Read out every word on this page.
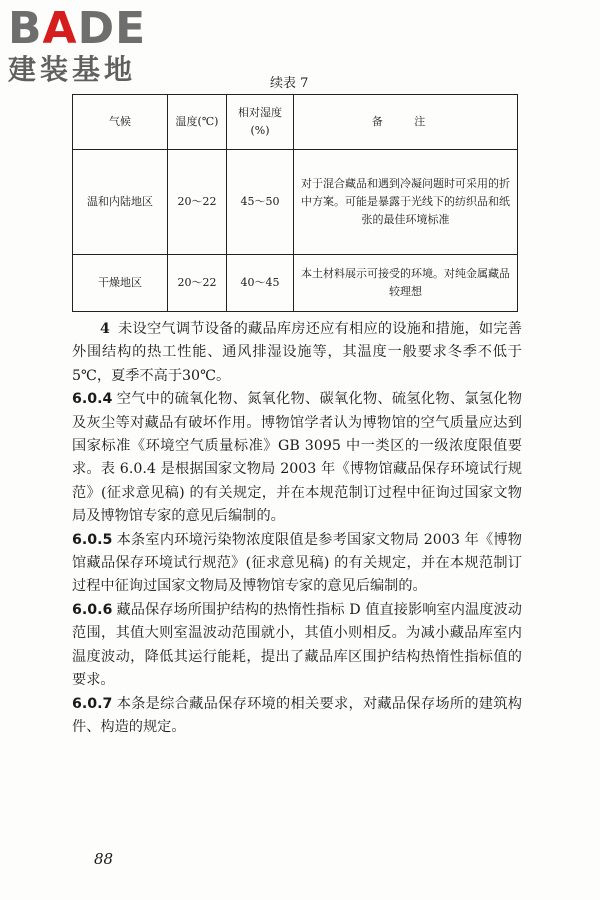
BADE
建装基地	续表 7
气候	温度(℃)	相对湿度(%)	备 注
温和内陆地区	20～22	45～50	对于混合藏品和遇到冷凝问题时可采用的折中方案。可能是暴露于光线下的纺织品和纸张的最佳环境标准
干燥地区	20～22	40～45	本土材料展示可接受的环境。对纯金属藏品较理想

4 未设空气调节设备的藏品库房还应有相应的设施和措施，如完善外围结构的热工性能、通风排湿设施等，其温度一般要求冬季不低于5℃，夏季不高于30℃。

6.0.4 空气中的硫氧化物、氮氧化物、碳氧化物、硫氢化物、氯氢化物及灰尘等对藏品有破坏作用。博物馆学者认为博物馆的空气质量应达到国家标准《环境空气质量标准》GB 3095 中一类区的一级浓度限值要求。表 6.0.4 是根据国家文物局 2003 年《博物馆藏品保存环境试行规范》(征求意见稿) 的有关规定，并在本规范制订过程中征询过国家文物局及博物馆专家的意见后编制的。

6.0.5 本条室内环境污染物浓度限值是参考国家文物局 2003 年《博物馆藏品保存环境试行规范》(征求意见稿) 的有关规定，并在本规范制订过程中征询过国家文物局及博物馆专家的意见后编制的。

6.0.6 藏品保存场所围护结构的热惰性指标 D 值直接影响室内温度波动范围，其值大则室温波动范围就小，其值小则相反。为减小藏品库室内温度波动，降低其运行能耗，提出了藏品库区围护结构热惰性指标值的要求。

6.0.7 本条是综合藏品保存环境的相关要求，对藏品保存场所的建筑构件、构造的规定。

88
